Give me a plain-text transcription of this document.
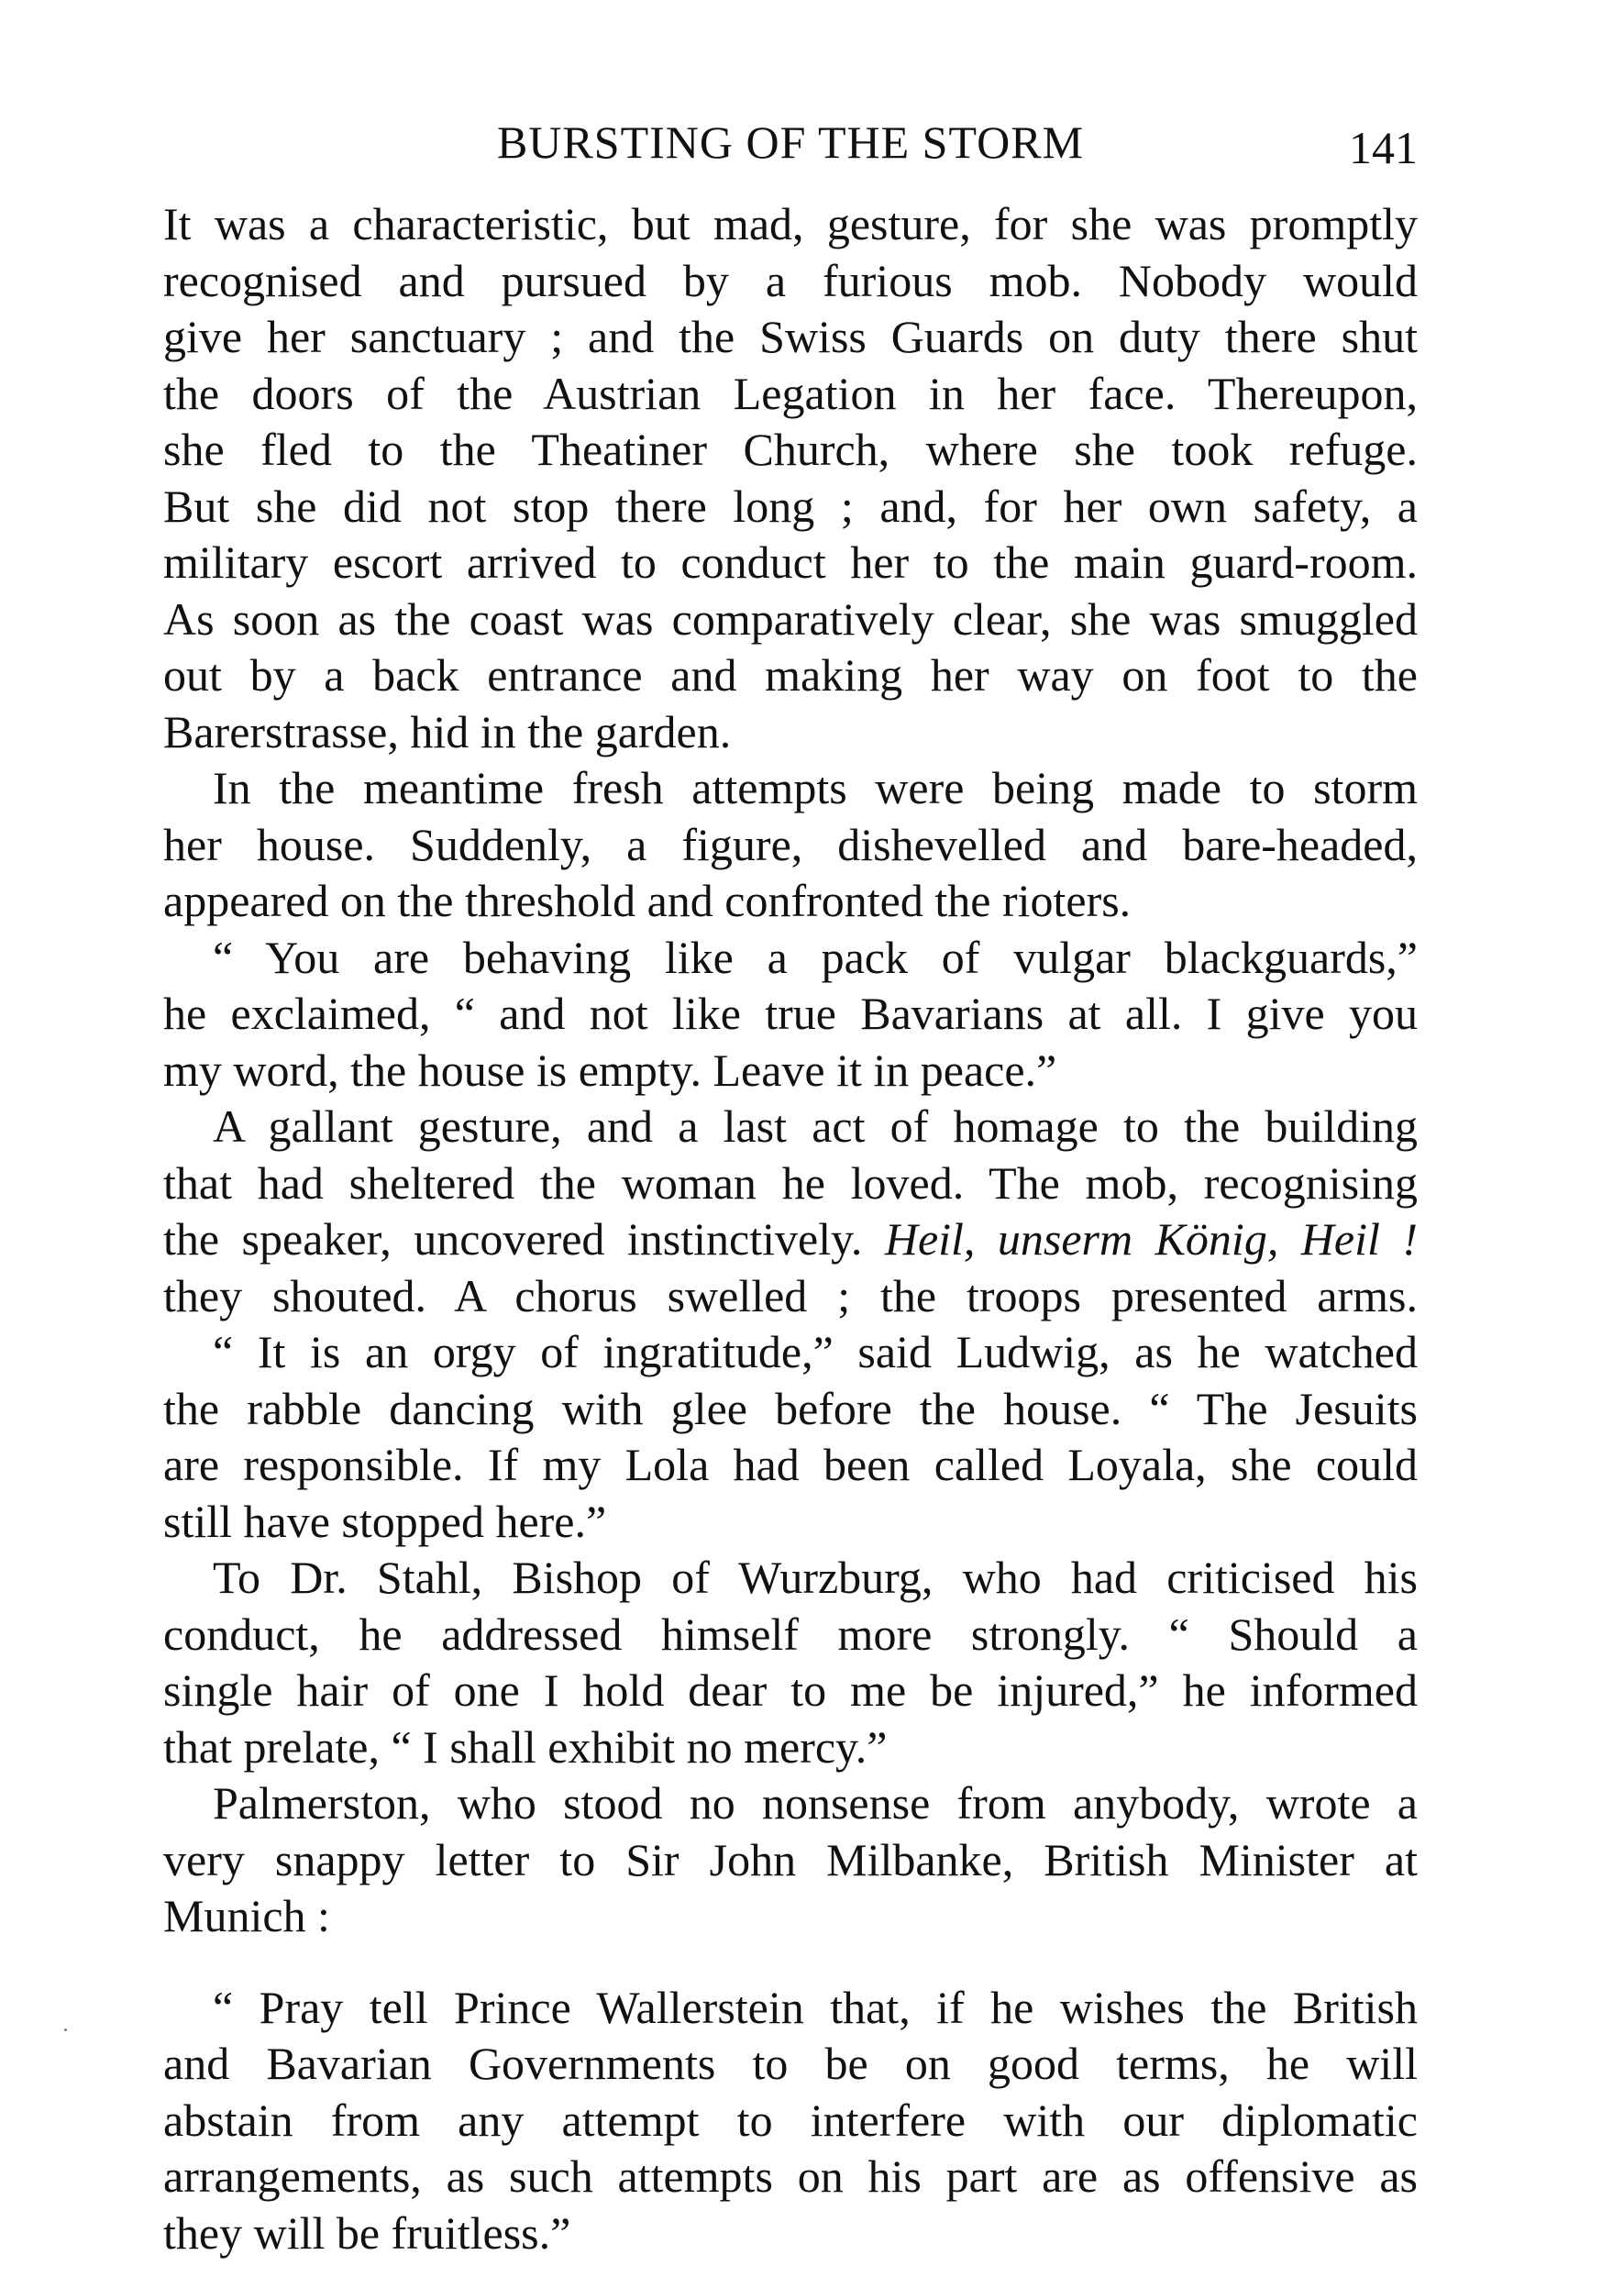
BURSTING OF THE STORM	141
It was a characteristic, but mad, gesture, for she was promptly
recognised and pursued by a furious mob. Nobody would
give her sanctuary ; and the Swiss Guards on duty there shut
the doors of the Austrian Legation in her face. Thereupon,
she fled to the Theatiner Church, where she took refuge.
But she did not stop there long ; and, for her own safety, a
military escort arrived to conduct her to the main guard-room.
As soon as the coast was comparatively clear, she was smuggled
out by a back entrance and making her way on foot to the
Barerstrasse, hid in the garden.
In the meantime fresh attempts were being made to storm
her house. Suddenly, a figure, dishevelled and bare-headed,
appeared on the threshold and confronted the rioters.
“ You are behaving like a pack of vulgar blackguards,”
he exclaimed, “ and not like true Bavarians at all. I give you
my word, the house is empty. Leave it in peace.”
A gallant gesture, and a last act of homage to the building
that had sheltered the woman he loved. The mob, recognising
the speaker, uncovered instinctively. Heil, unserm König, Heil !
they shouted. A chorus swelled ; the troops presented arms.
“ It is an orgy of ingratitude,” said Ludwig, as he watched
the rabble dancing with glee before the house. “ The Jesuits
are responsible. If my Lola had been called Loyala, she could
still have stopped here.”
To Dr. Stahl, Bishop of Wurzburg, who had criticised his
conduct, he addressed himself more strongly. “ Should a
single hair of one I hold dear to me be injured,” he informed
that prelate, “ I shall exhibit no mercy.”
Palmerston, who stood no nonsense from anybody, wrote a
very snappy letter to Sir John Milbanke, British Minister at
Munich :
“ Pray tell Prince Wallerstein that, if he wishes the British
and Bavarian Governments to be on good terms, he will
abstain from any attempt to interfere with our diplomatic
arrangements, as such attempts on his part are as offensive as
they will be fruitless.”
